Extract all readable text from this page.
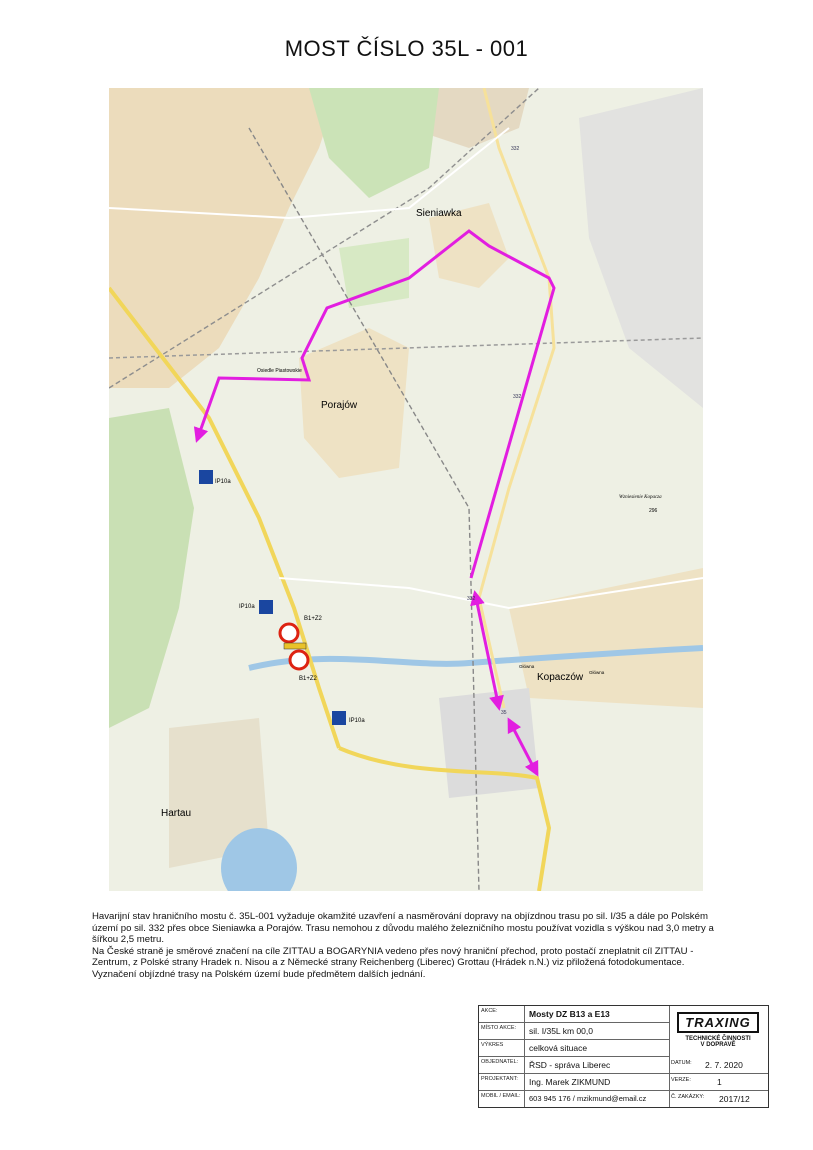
MOST ČÍSLO 35L - 001
Sieniawka
Porajów
Kopaczów
Hartau
Osiedle Piastowskie
Wzniesienie Kopacza
296
332
332
332
35
IP10a
IP10a
IP10a
B1+Z2
B1+Z2
Główna
Główna

Havarijní stav hraničního mostu č. 35L-001 vyžaduje okamžité uzavření a nasměrování dopravy na objízdnou trasu po sil. I/35 a dále po Polském území po sil. 332 přes obce Sieniawka a Porajów. Trasu nemohou z důvodu malého železničního mostu používat vozidla s výškou nad 3,0 metry a šířkou 2,5 metru.

Na České straně je směrové značení na cíle ZITTAU a BOGARYNIA vedeno přes nový hraniční přechod, proto postačí zneplatnit cíl ZITTAU - Zentrum, z Polské strany Hradek n. Nisou a z Německé strany Reichenberg (Liberec) Grottau (Hrádek n.N.) viz přiložená fotodokumentace.

Vyznačení objízdné trasy na Polském území bude předmětem dalších jednání.

AKCE:	Mosty DZ B13 a E13
MÍSTO AKCE: sil. I/35L km 00,0
VÝKRES	celková situace
OBJEDNATEL: ŘSD - správa Liberec
PROJEKTANT: Ing. Marek ZIKMUND
MOBIL / EMAIL: 603 945 176 / mzikmund@email.cz
DATUM: 2. 7. 2020
VERZE:	1
Č. ZAKÁZKY: 2017/12
TRAXING
TECHNICKÉ ČINNOSTI
V DOPRAVĚ
